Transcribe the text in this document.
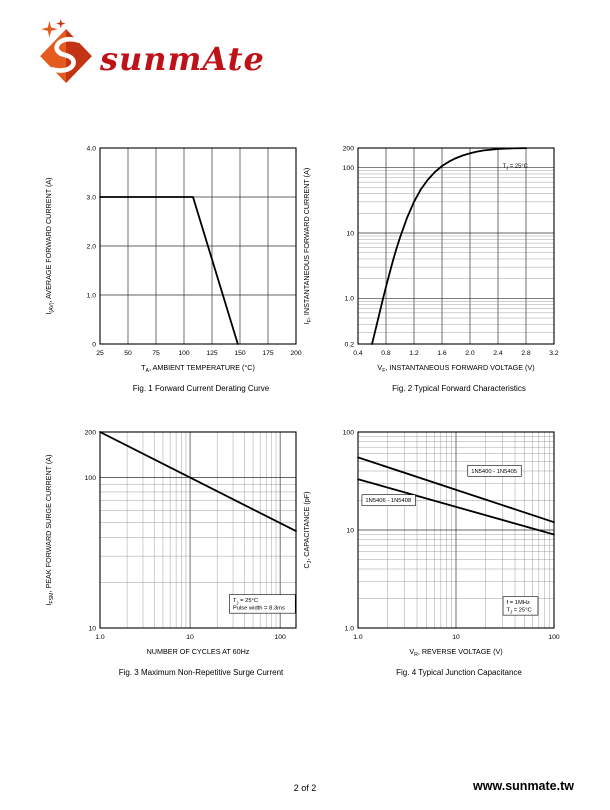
sunmAte
25	50	75	100 125 150 175 200
0
1.0
2.0
3.0
4.0
$T_A$, AMBIENT TEMPERATURE (°C)
$I_{(AV)}$, AVERAGE FORWARD CURRENT (A)
Fig. 1 Forward Current Derating Curve
0.4	0.8	1.2	1.6	2.0	2.4	2.8	3.2
0.2
1.0
10
100
200
$V_F$, INSTANTANEOUS FORWARD VOLTAGE (V)
$I_F$, INSTANTANEOUS FORWARD CURRENT (A)
$T_J = 25^\circ C$
Fig. 2 Typical Forward Characteristics
1.0	10	100
10
100
200
NUMBER OF CYCLES AT 60Hz
$I_{FSM}$, PEAK FORWARD SURGE CURRENT (A)
$T_J = 25^\circ C$
Pulse width = 8.3ms
Fig. 3 Maximum Non-Repetitive Surge Current
1.0	10	100
1.0
10
100
$V_R$, REVERSE VOLTAGE (V)
$C_J$, CAPACITANCE (pF)
1N5400 - 1N5405
1N5406 - 1N5408
f = 1MHz
$T_J = 25^\circ C$
Fig. 4 Typical Junction Capacitance
2 of 2	www.sunmate.tw
